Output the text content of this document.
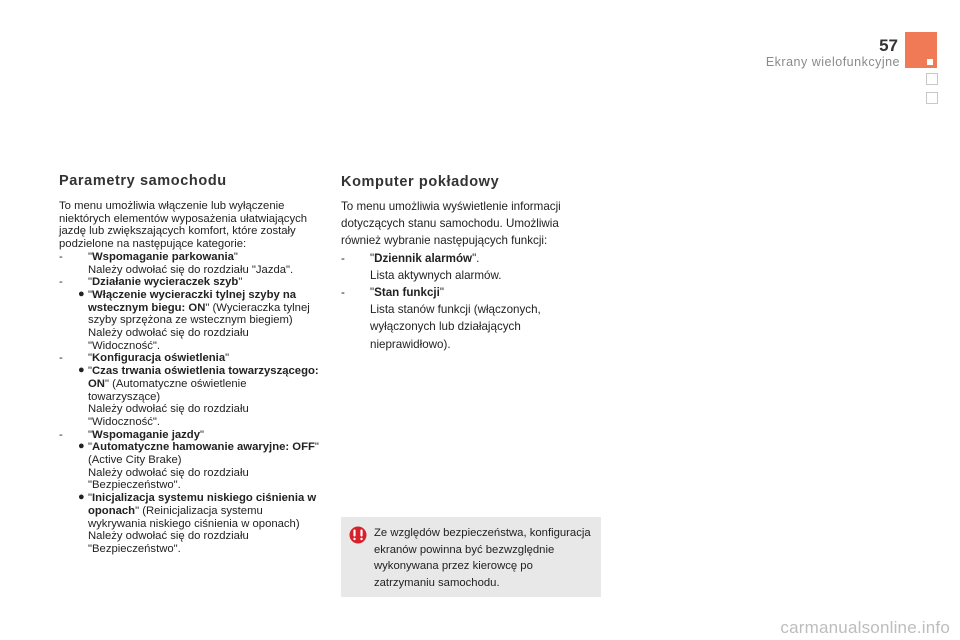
57
Ekrany wielofunkcyjne
Parametry samochodu

To menu umożliwia włączenie lub wyłączenie niektórych elementów wyposażenia ułatwiających jazdę lub zwiększających komfort, które zostały podzielone na następujące kategorie:

- "Wspomaganie parkowania"
Należy odwołać się do rozdziału "Jazda".
- "Działanie wycieraczek szyb"
● "Włączenie wycieraczki tylnej szyby na wstecznym biegu: ON" (Wycieraczka tylnej szyby sprzężona ze wstecznym biegiem)
Należy odwołać się do rozdziału
"Widoczność".
- "Konfiguracja oświetlenia"
● "Czas trwania oświetlenia towarzyszącego: ON" (Automatyczne oświetlenie towarzyszące)
Należy odwołać się do rozdziału
"Widoczność".
- "Wspomaganie jazdy"
● "Automatyczne hamowanie awaryjne: OFF" (Active City Brake)
Należy odwołać się do rozdziału
"Bezpieczeństwo".
● "Inicjalizacja systemu niskiego ciśnienia w oponach" (Reinicjalizacja systemu wykrywania niskiego ciśnienia w oponach)
Należy odwołać się do rozdziału
"Bezpieczeństwo".
Komputer pokładowy

To menu umożliwia wyświetlenie informacji dotyczących stanu samochodu. Umożliwia również wybranie następujących funkcji:

- "Dziennik alarmów".
Lista aktywnych alarmów.
- "Stan funkcji"
Lista stanów funkcji (włączonych, wyłączonych lub działających nieprawidłowo).
Ze względów bezpieczeństwa, konfiguracja ekranów powinna być bezwzględnie wykonywana przez kierowcę po zatrzymaniu samochodu.
carmanualsonline.info
